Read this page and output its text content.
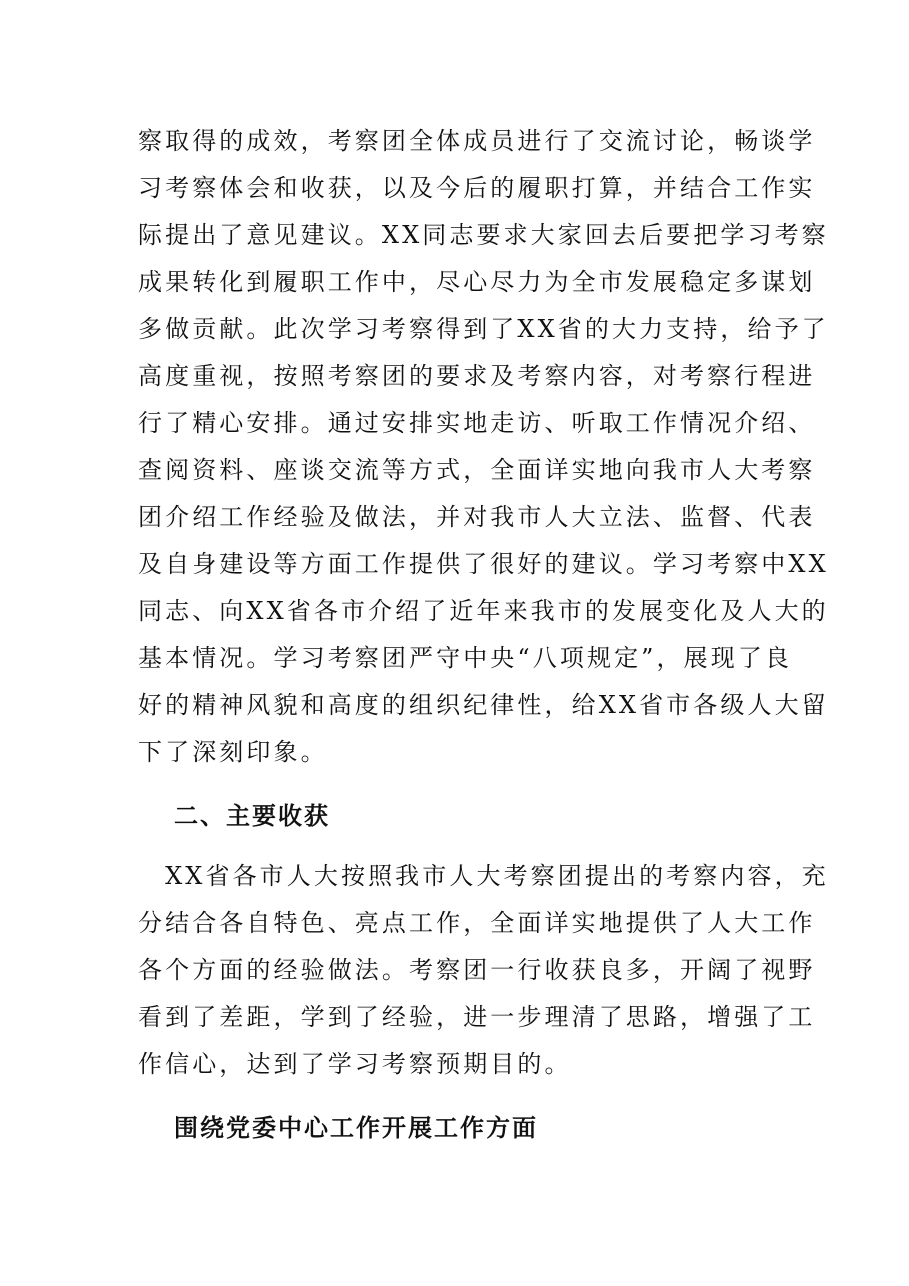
察取得的成效，考察团全体成员进行了交流讨论，畅谈学
习考察体会和收获，以及今后的履职打算，并结合工作实
际提出了意见建议。XX同志要求大家回去后要把学习考察
成果转化到履职工作中，尽心尽力为全市发展稳定多谋划
多做贡献。此次学习考察得到了XX省的大力支持，给予了
高度重视，按照考察团的要求及考察内容，对考察行程进
行了精心安排。通过安排实地走访、听取工作情况介绍、
查阅资料、座谈交流等方式，全面详实地向我市人大考察
团介绍工作经验及做法，并对我市人大立法、监督、代表
及自身建设等方面工作提供了很好的建议。学习考察中XX
同志、向XX省各市介绍了近年来我市的发展变化及人大的
基本情况。学习考察团严守中央“八项规定”，展现了良
好的精神风貌和高度的组织纪律性，给XX省市各级人大留
下了深刻印象。
二、主要收获
　XX省各市人大按照我市人大考察团提出的考察内容，充
分结合各自特色、亮点工作，全面详实地提供了人大工作
各个方面的经验做法。考察团一行收获良多，开阔了视野
看到了差距，学到了经验，进一步理清了思路，增强了工
作信心，达到了学习考察预期目的。
围绕党委中心工作开展工作方面
